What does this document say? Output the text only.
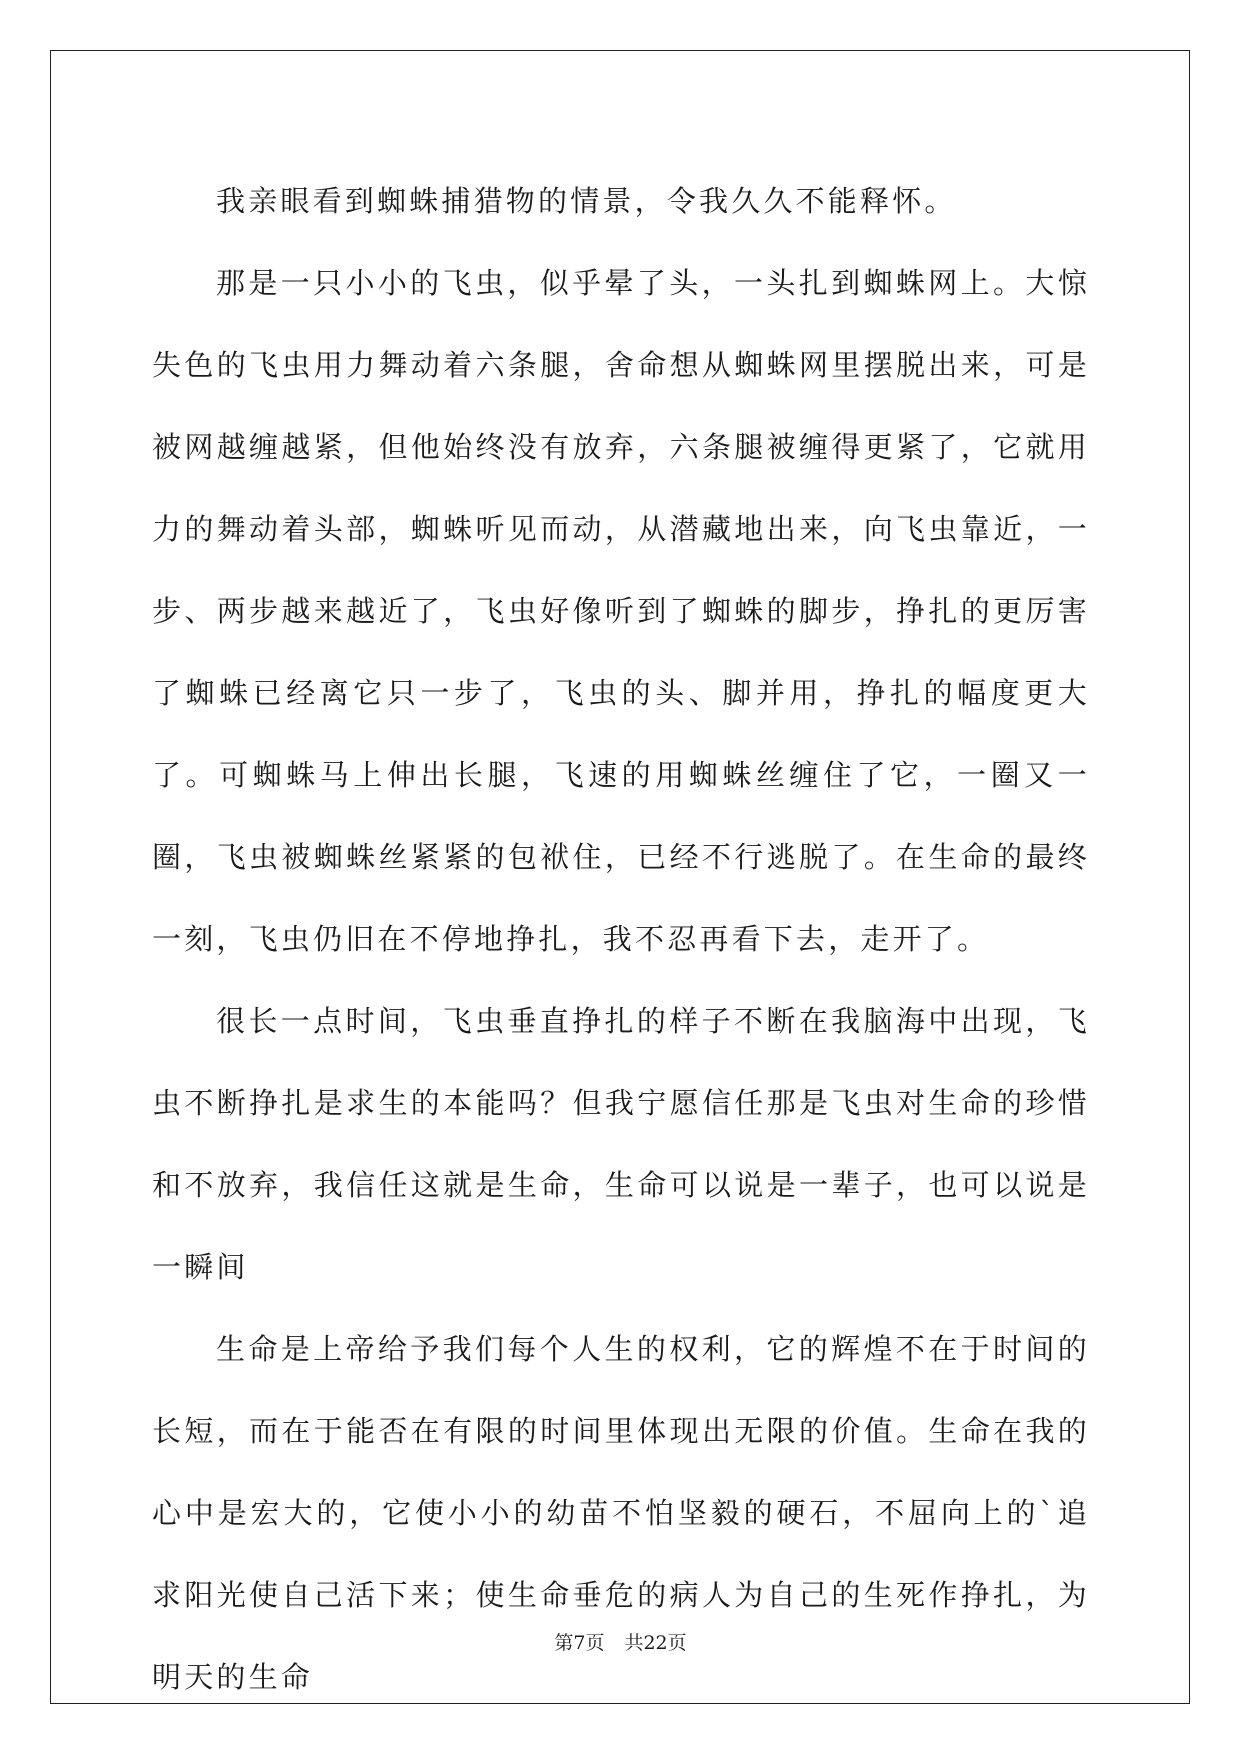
我亲眼看到蜘蛛捕猎物的情景，令我久久不能释怀。

那是一只小小的飞虫，似乎晕了头，一头扎到蜘蛛网上。大惊失色的飞虫用力舞动着六条腿，舍命想从蜘蛛网里摆脱出来，可是被网越缠越紧，但他始终没有放弃，六条腿被缠得更紧了，它就用力的舞动着头部，蜘蛛听见而动，从潜藏地出来，向飞虫靠近，一步、两步越来越近了，飞虫好像听到了蜘蛛的脚步，挣扎的更厉害了蜘蛛已经离它只一步了，飞虫的头、脚并用，挣扎的幅度更大了。可蜘蛛马上伸出长腿，飞速的用蜘蛛丝缠住了它，一圈又一圈，飞虫被蜘蛛丝紧紧的包袱住，已经不行逃脱了。在生命的最终一刻，飞虫仍旧在不停地挣扎，我不忍再看下去，走开了。

很长一点时间，飞虫垂直挣扎的样子不断在我脑海中出现，飞虫不断挣扎是求生的本能吗？但我宁愿信任那是飞虫对生命的珍惜和不放弃，我信任这就是生命，生命可以说是一辈子，也可以说是一瞬间

生命是上帝给予我们每个人生的权利，它的辉煌不在于时间的长短，而在于能否在有限的时间里体现出无限的价值。生命在我的心中是宏大的，它使小小的幼苗不怕坚毅的硬石，不屈向上的`追求阳光使自己活下来；使生命垂危的病人为自己的生死作挣扎，为明天的生命

第7页 共22页
